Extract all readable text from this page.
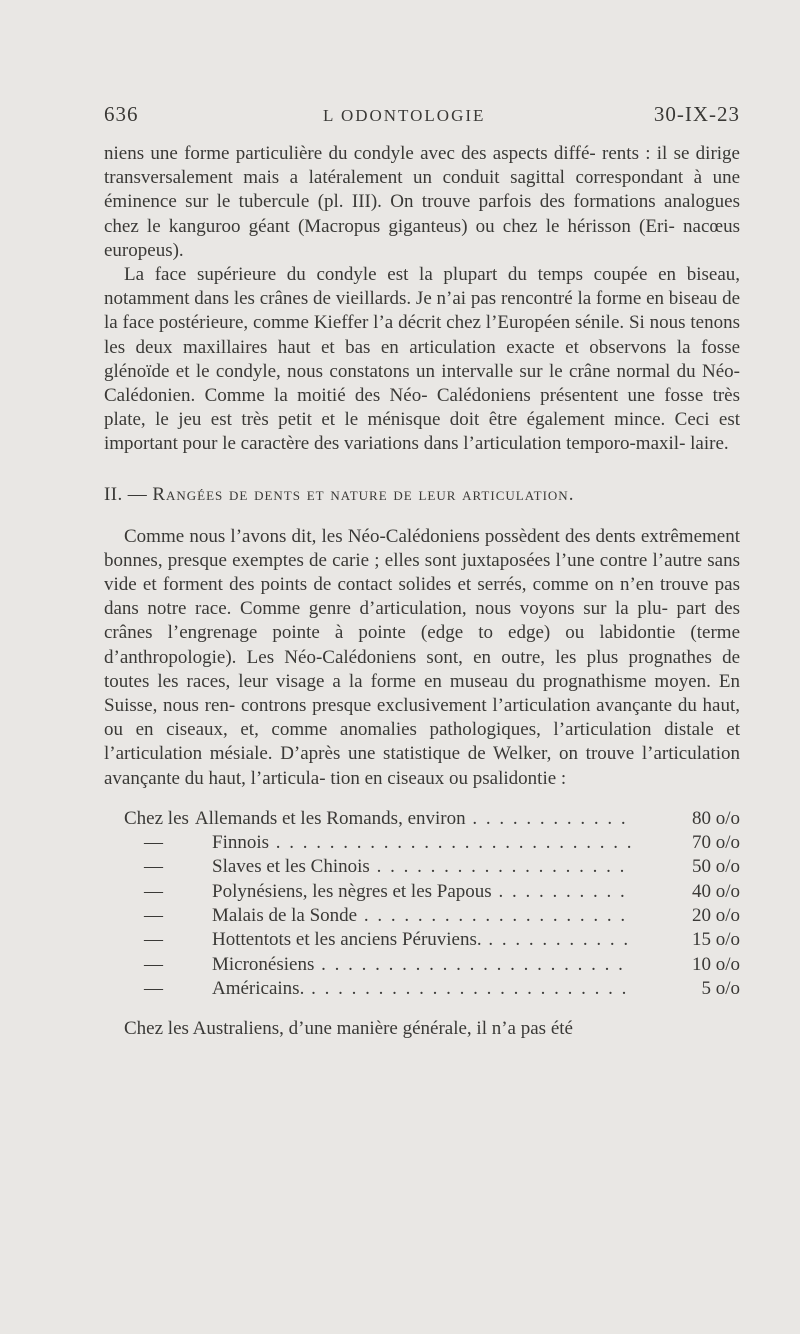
636	L ODONTOLOGIE	30-IX-23
niens une forme particulière du condyle avec des aspects diffé- rents : il se dirige transversalement mais a latéralement un conduit sagittal correspondant à une éminence sur le tubercule (pl. III). On trouve parfois des formations analogues chez le kanguroo géant (Macropus giganteus) ou chez le hérisson (Eri- nacœus europeus).
La face supérieure du condyle est la plupart du temps coupée en biseau, notamment dans les crânes de vieillards. Je n’ai pas rencontré la forme en biseau de la face postérieure, comme Kieffer l’a décrit chez l’Européen sénile. Si nous tenons les deux maxillaires haut et bas en articulation exacte et observons la fosse glénoïde et le condyle, nous constatons un intervalle sur le crâne normal du Néo-Calédonien. Comme la moitié des Néo- Calédoniens présentent une fosse très plate, le jeu est très petit et le ménisque doit être également mince. Ceci est important pour le caractère des variations dans l’articulation temporo-maxil- laire.
II. — Rangées de dents et nature de leur articulation.
Comme nous l’avons dit, les Néo-Calédoniens possèdent des dents extrêmement bonnes, presque exemptes de carie ; elles sont juxtaposées l’une contre l’autre sans vide et forment des points de contact solides et serrés, comme on n’en trouve pas dans notre race. Comme genre d’articulation, nous voyons sur la plu- part des crânes l’engrenage pointe à pointe (edge to edge) ou labidontie (terme d’anthropologie). Les Néo-Calédoniens sont, en outre, les plus prognathes de toutes les races, leur visage a la forme en museau du prognathisme moyen. En Suisse, nous ren- controns presque exclusivement l’articulation avançante du haut, ou en ciseaux, et, comme anomalies pathologiques, l’articulation distale et l’articulation mésiale. D’après une statistique de Welker, on trouve l’articulation avançante du haut, l’articula- tion en ciseaux ou psalidontie :
Chez les Allemands et les Romands, environ . . .	80 o/o
—	Finnois . . .	70 o/o
—	Slaves et les Chinois . . .	50 o/o
—	Polynésiens, les nègres et les Papous . . .	40 o/o
—	Malais de la Sonde . . .	20 o/o
—	Hottentots et les anciens Péruviens. . . .	15 o/o
—	Micronésiens . . .	10 o/o
—	Américains. . . .	5 o/o
Chez les Australiens, d’une manière générale, il n’a pas été
